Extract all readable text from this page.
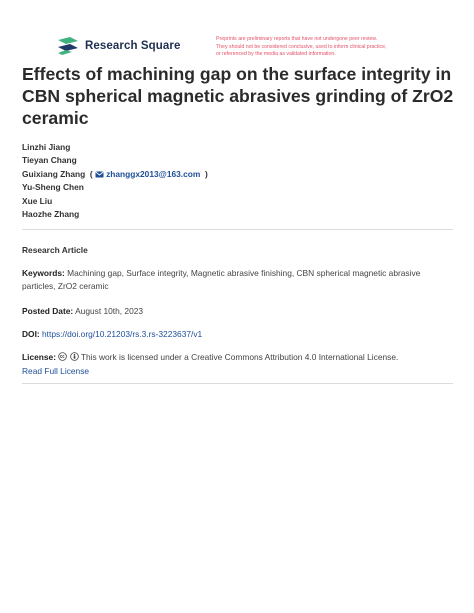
Research Square
Preprints are preliminary reports that have not undergone peer review.
They should not be considered conclusive, used to inform clinical practice,
or referenced by the media as validated information.
Effects of machining gap on the surface integrity in CBN spherical magnetic abrasives grinding of ZrO2 ceramic
Linzhi Jiang
Tieyan Chang
Guixiang Zhang  ( zhanggx2013@163.com  )
Yu-Sheng Chen
Xue Liu
Haozhe Zhang
Research Article
Keywords: Machining gap, Surface integrity, Magnetic abrasive finishing, CBN spherical magnetic abrasive particles, ZrO2 ceramic
Posted Date: August 10th, 2023
DOI: https://doi.org/10.21203/rs.3.rs-3223637/v1
License:	This work is licensed under a Creative Commons Attribution 4.0 International License.
Read Full License
